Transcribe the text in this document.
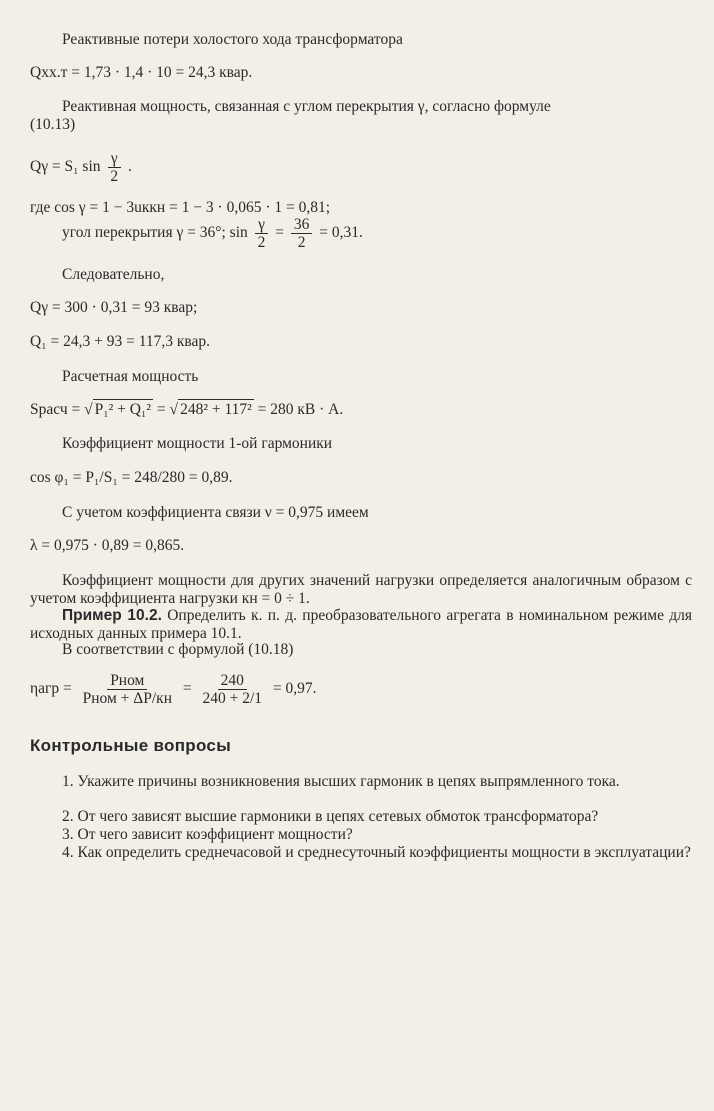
Реактивные потери холостого хода трансформатора
Qхх.т = 1,73 · 1,4 · 10 = 24,3 квар.
Реактивная мощность, связанная с углом перекрытия γ, согласно формуле
(10.13)
Qγ = S₁ $\sin \frac{\gamma}{2}$ .
где cos γ = 1 − 3uккн = 1 − 3 · 0,065 · 1 = 0,81;
угол перекрытия γ = 36°; $\sin \frac{\gamma}{2} = \frac{36}{2} = 0,31$.
Следовательно,
Qγ = 300 · 0,31 = 93 квар;
Q₁ = 24,3 + 93 = 117,3 квар.
Расчетная мощность
Sрасч = √ P₁² + Q₁² = √ 248² + 117² = 280 кВ · А.
Коэффициент мощности 1-ой гармоники
cos φ₁ = P₁/S₁ = 248/280 = 0,89.
С учетом коэффициента связи ν = 0,975 имеем
λ = 0,975 · 0,89 = 0,865.
Коэффициент мощности для других значений нагрузки определяется аналогичным образом с учетом коэффициента нагрузки кн = 0 ÷ 1.
Пример 10.2. Определить к. п. д. преобразовательного агрегата в номинальном режиме для исходных данных примера 10.1.
В соответствии с формулой (10.18)
$\eta агр = \frac{\text{Pном}}{\text{Pном + ΔP/кн}} = \frac{240}{240 + 2/1} = 0,97$.
Контрольные вопросы
1. Укажите причины возникновения высших гармоник в цепях выпрямленного тока.
2. От чего зависят высшие гармоники в цепях сетевых обмоток трансформатора?
3. От чего зависит коэффициент мощности?
4. Как определить среднечасовой и среднесуточный коэффициенты мощности в эксплуатации?
